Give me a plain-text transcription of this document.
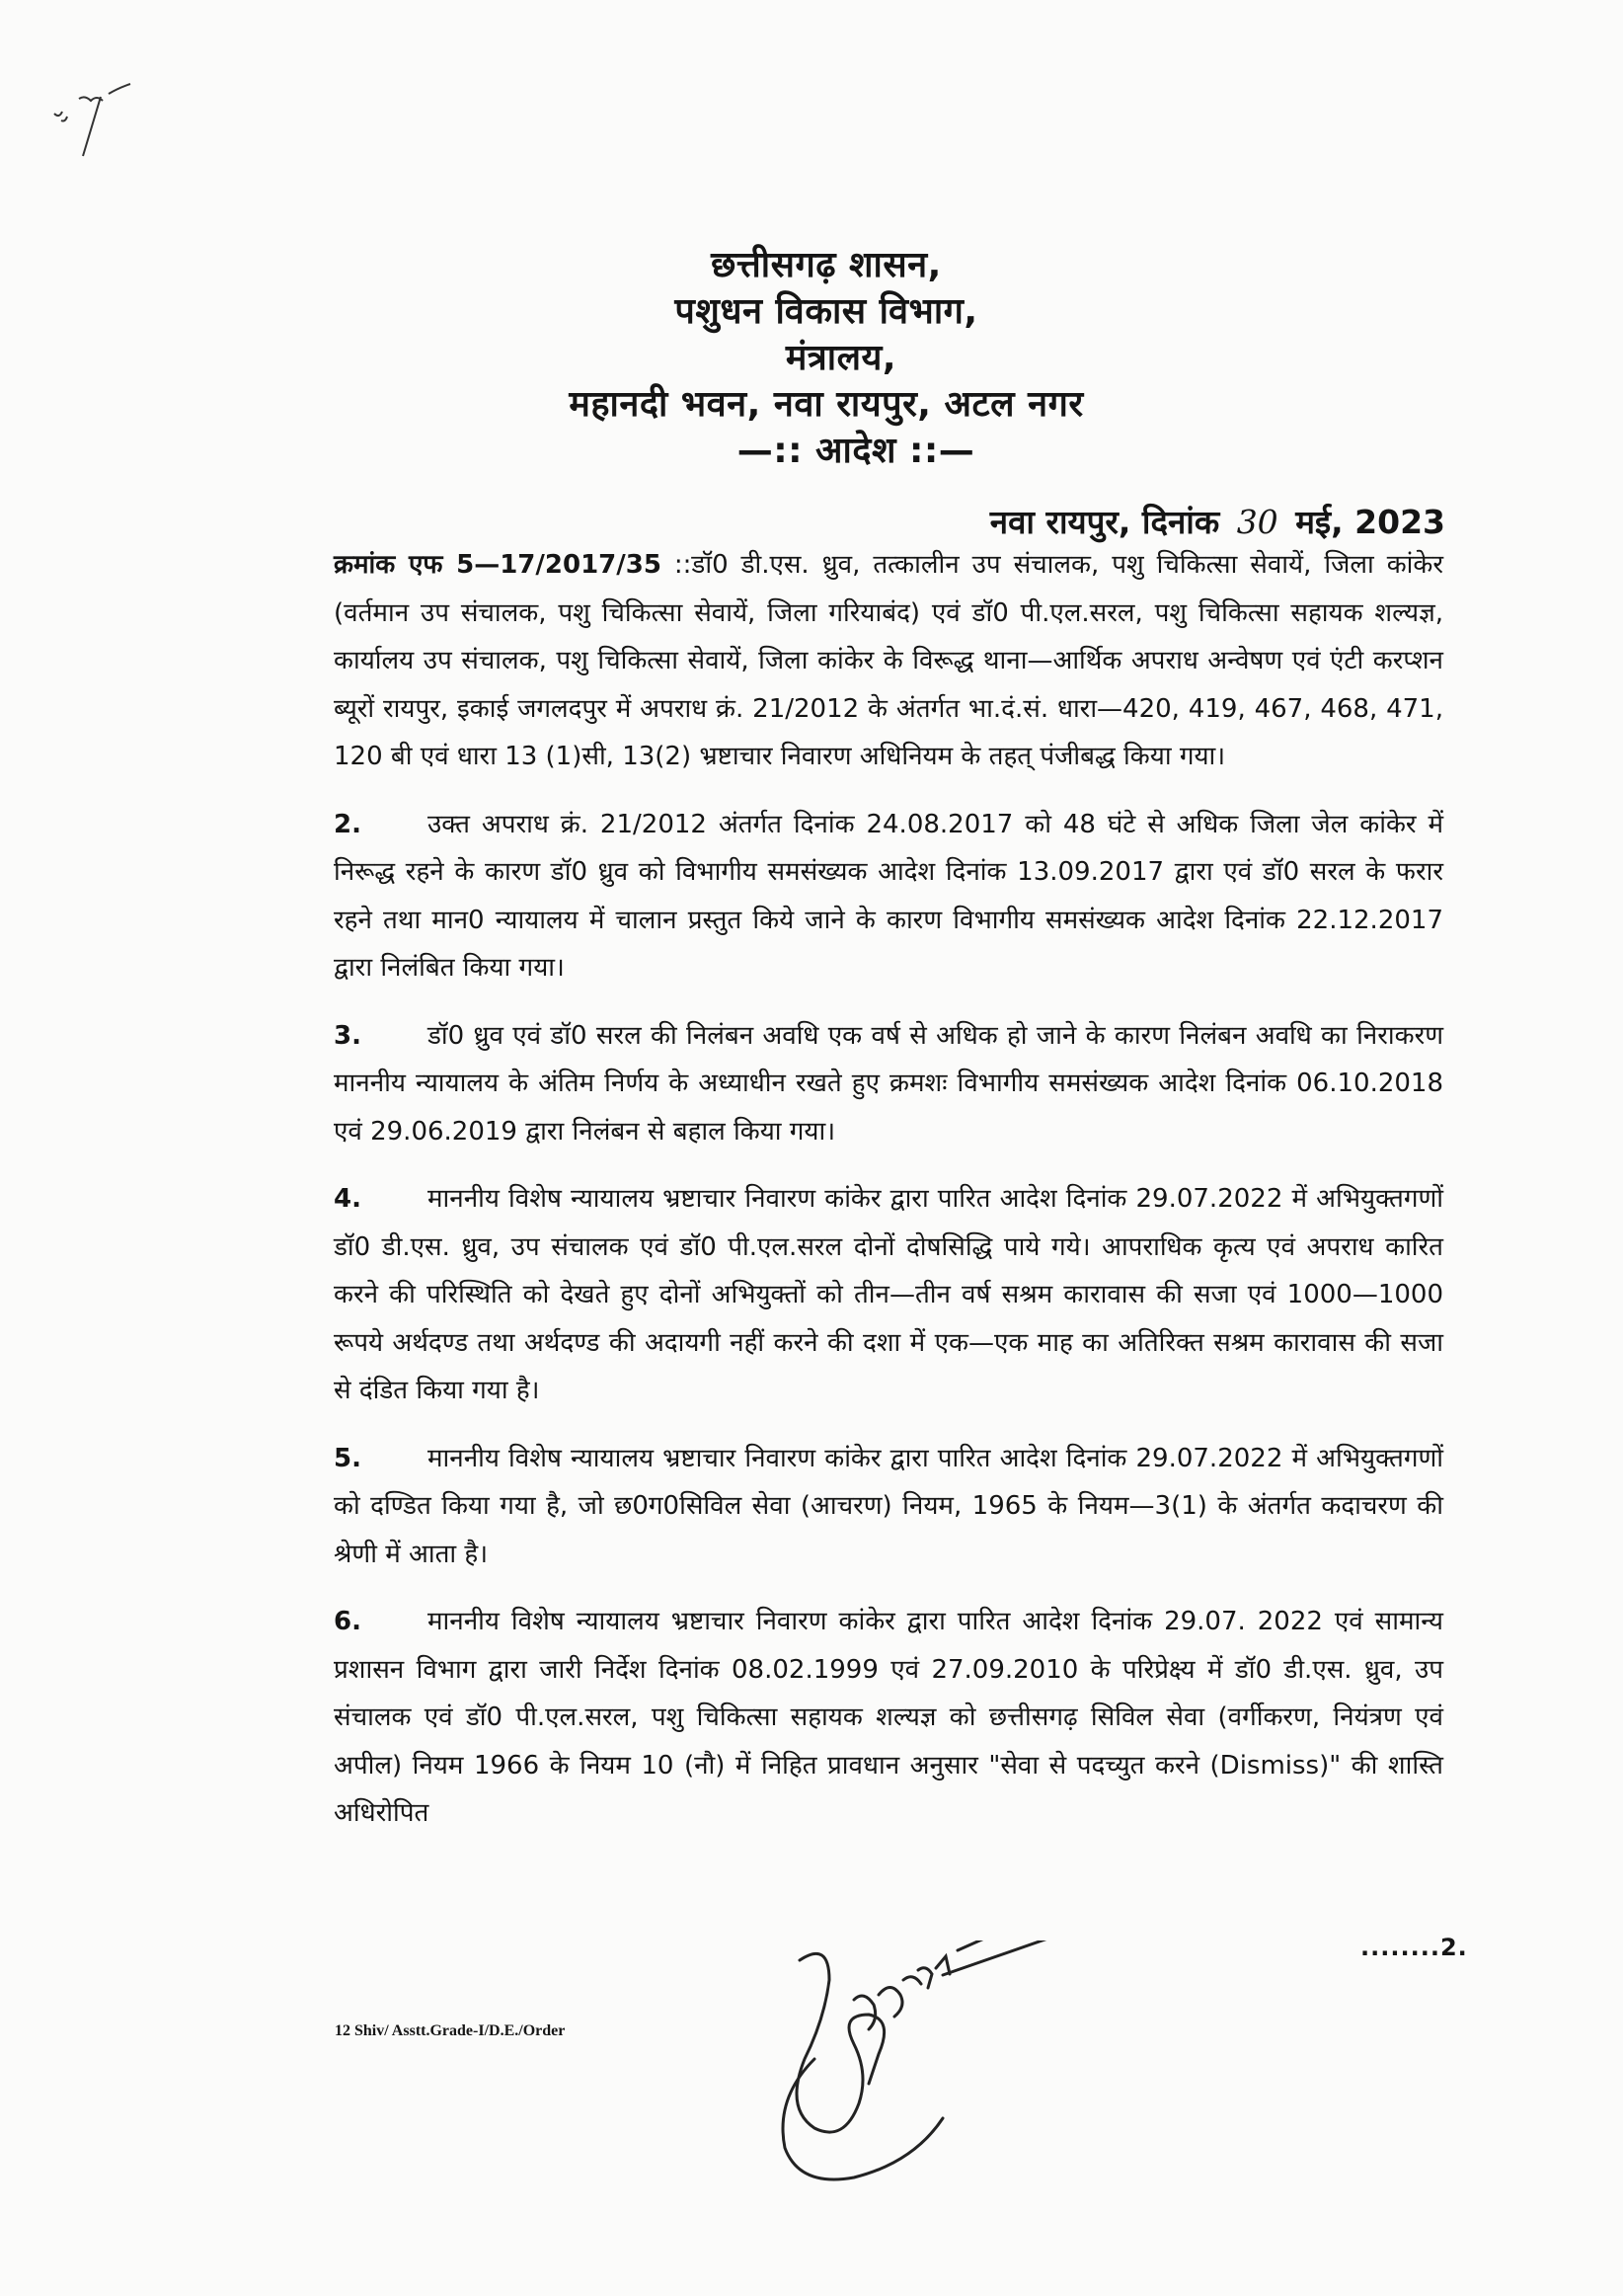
छत्तीसगढ़ शासन,
पशुधन विकास विभाग,
मंत्रालय,
महानदी भवन, नवा रायपुर, अटल नगर
—:: आदेश ::—
नवा रायपुर, दिनांक 30 मई, 2023

क्रमांक एफ 5—17/2017/35 ::डॉ0 डी.एस. ध्रुव, तत्कालीन उप संचालक, पशु चिकित्सा सेवायें, जिला कांकेर (वर्तमान उप संचालक, पशु चिकित्सा सेवायें, जिला गरियाबंद) एवं डॉ0 पी.एल.सरल, पशु चिकित्सा सहायक शल्यज्ञ, कार्यालय उप संचालक, पशु चिकित्सा सेवायें, जिला कांकेर के विरूद्ध थाना—आर्थिक अपराध अन्वेषण एवं एंटी करप्शन ब्यूरों रायपुर, इकाई जगलदपुर में अपराध क्रं. 21/2012 के अंतर्गत भा.दं.सं. धारा—420, 419, 467, 468, 471, 120 बी एवं धारा 13 (1)सी, 13(2) भ्रष्टाचार निवारण अधिनियम के तहत् पंजीबद्ध किया गया।

2.	उक्त अपराध क्रं. 21/2012 अंतर्गत दिनांक 24.08.2017 को 48 घंटे से अधिक जिला जेल कांकेर में निरूद्ध रहने के कारण डॉ0 ध्रुव को विभागीय समसंख्यक आदेश दिनांक 13.09.2017 द्वारा एवं डॉ0 सरल के फरार रहने तथा मान0 न्यायालय में चालान प्रस्तुत किये जाने के कारण विभागीय समसंख्यक आदेश दिनांक 22.12.2017 द्वारा निलंबित किया गया।

3.	डॉ0 ध्रुव एवं डॉ0 सरल की निलंबन अवधि एक वर्ष से अधिक हो जाने के कारण निलंबन अवधि का निराकरण माननीय न्यायालय के अंतिम निर्णय के अध्याधीन रखते हुए क्रमशः विभागीय समसंख्यक आदेश दिनांक 06.10.2018 एवं 29.06.2019 द्वारा निलंबन से बहाल किया गया।

4.	माननीय विशेष न्यायालय भ्रष्टाचार निवारण कांकेर द्वारा पारित आदेश दिनांक 29.07.2022 में अभियुक्तगणों डॉ0 डी.एस. ध्रुव, उप संचालक एवं डॉ0 पी.एल.सरल दोनों दोषसिद्धि पाये गये। आपराधिक कृत्य एवं अपराध कारित करने की परिस्थिति को देखते हुए दोनों अभियुक्तों को तीन—तीन वर्ष सश्रम कारावास की सजा एवं 1000—1000 रूपये अर्थदण्ड तथा अर्थदण्ड की अदायगी नहीं करने की दशा में एक—एक माह का अतिरिक्त सश्रम कारावास की सजा से दंडित किया गया है।

5.	माननीय विशेष न्यायालय भ्रष्टाचार निवारण कांकेर द्वारा पारित आदेश दिनांक 29.07.2022 में अभियुक्तगणों को दण्डित किया गया है, जो छ0ग0सिविल सेवा (आचरण) नियम, 1965 के नियम—3(1) के अंतर्गत कदाचरण की श्रेणी में आता है।

6.	माननीय विशेष न्यायालय भ्रष्टाचार निवारण कांकेर द्वारा पारित आदेश दिनांक 29.07. 2022 एवं सामान्य प्रशासन विभाग द्वारा जारी निर्देश दिनांक 08.02.1999 एवं 27.09.2010 के परिप्रेक्ष्य में डॉ0 डी.एस. ध्रुव, उप संचालक एवं डॉ0 पी.एल.सरल, पशु चिकित्सा सहायक शल्यज्ञ को छत्तीसगढ़ सिविल सेवा (वर्गीकरण, नियंत्रण एवं अपील) नियम 1966 के नियम 10 (नौ) में निहित प्रावधान अनुसार "सेवा से पदच्युत करने (Dismiss)" की शास्ति अधिरोपित

........2.
12 Shiv/ Asstt.Grade-I/D.E./Order
